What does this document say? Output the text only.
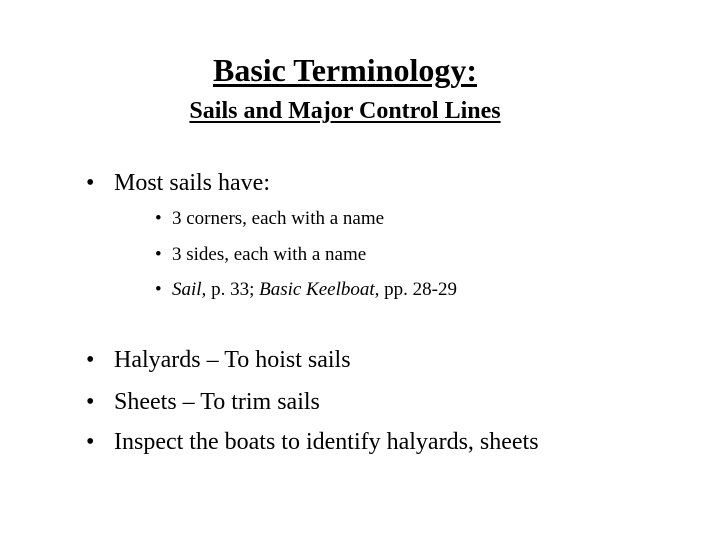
Basic Terminology:
Sails and Major Control Lines
• Most sails have:
• 3 corners, each with a name
• 3 sides, each with a name
• Sail, p. 33; Basic Keelboat, pp. 28-29
• Halyards – To hoist sails
• Sheets – To trim sails
• Inspect the boats to identify halyards, sheets
